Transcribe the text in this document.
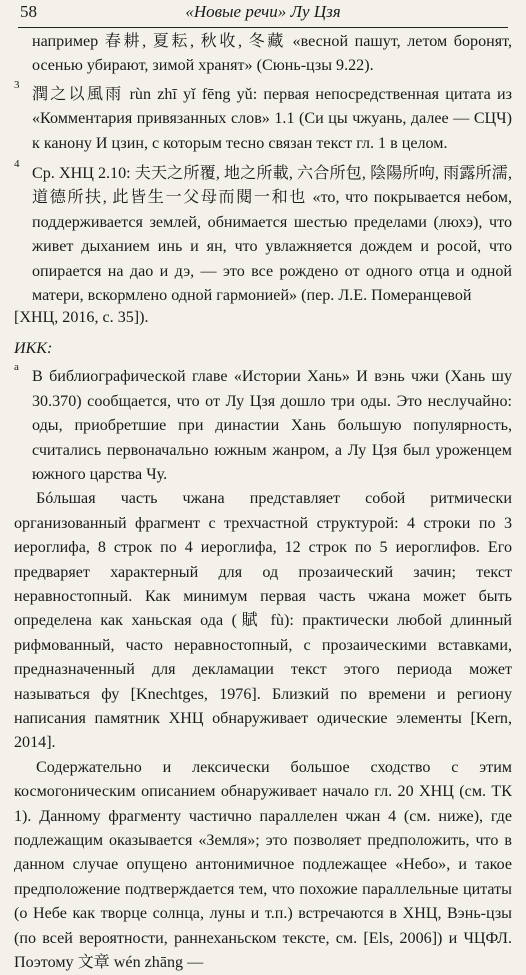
58	«Новые речи» Лу Цзя

например 春耕, 夏耘, 秋收, 冬藏 «весной пашут, летом боронят, осенью убирают, зимой хранят» (Сюнь-цзы 9.22).

3
潤之以風雨 rùn zhī yǐ fēng yǔ: первая непосредственная цитата из «Комментария привязанных слов» 1.1 (Си цы чжуань, далее — СЦЧ) к канону И цзин, с которым тесно связан текст гл. 1 в целом.
4
Ср. ХНЦ 2.10: 夫天之所覆, 地之所載, 六合所包, 陰陽所呴, 雨露所濡, 道德所扶, 此皆生一父母而閱一和也 «то, что покрывается небом, поддерживается землей, обнимается шестью пределами (люхэ), что живет дыханием инь и ян, что увлажняется дождем и росой, что опирается на дао и дэ, — это все рождено от одного отца и одной матери, вскормлено одной гармонией» (пер. Л.Е. Померанцевой

[ХНЦ, 2016, с. 35]).

ИКК:

a
В библиографической главе «Истории Хань» И вэнь чжи (Хань шу 30.370) сообщается, что от Лу Цзя дошло три оды. Это неслучайно: оды, приобретшие при династии Хань большую популярность, считались первоначально южным жанром, а Лу Цзя был уроженцем южного царства Чу.

Бóльшая часть чжана представляет собой ритмически организованный фрагмент с трехчастной структурой: 4 строки по 3 иероглифа, 8 строк по 4 иероглифа, 12 строк по 5 иероглифов. Его предваряет характерный для од прозаический зачин; текст неравностопный. Как минимум первая часть чжана может быть определена как ханьская ода (賦 fù): практически любой длинный рифмованный, часто неравностопный, с прозаическими вставками, предназначенный для декламации текст этого периода может называться фу [Knechtges, 1976]. Близкий по времени и региону написания памятник ХНЦ обнаруживает одические элементы [Kern, 2014].

Содержательно и лексически большое сходство с этим космогоническим описанием обнаруживает начало гл. 20 ХНЦ (см. ТК 1). Данному фрагменту частично параллелен чжан 4 (см. ниже), где подлежащим оказывается «Земля»; это позволяет предположить, что в данном случае опущено антонимичное подлежащее «Небо», и такое предположение подтверждается тем, что похожие параллельные цитаты (о Небе как творце солнца, луны и т.п.) встречаются в ХНЦ, Вэнь-цзы (по всей вероятности, раннеханьском тексте, см. [Els, 2006]) и ЧЦФЛ. Поэтому 文章 wén zhāng —
